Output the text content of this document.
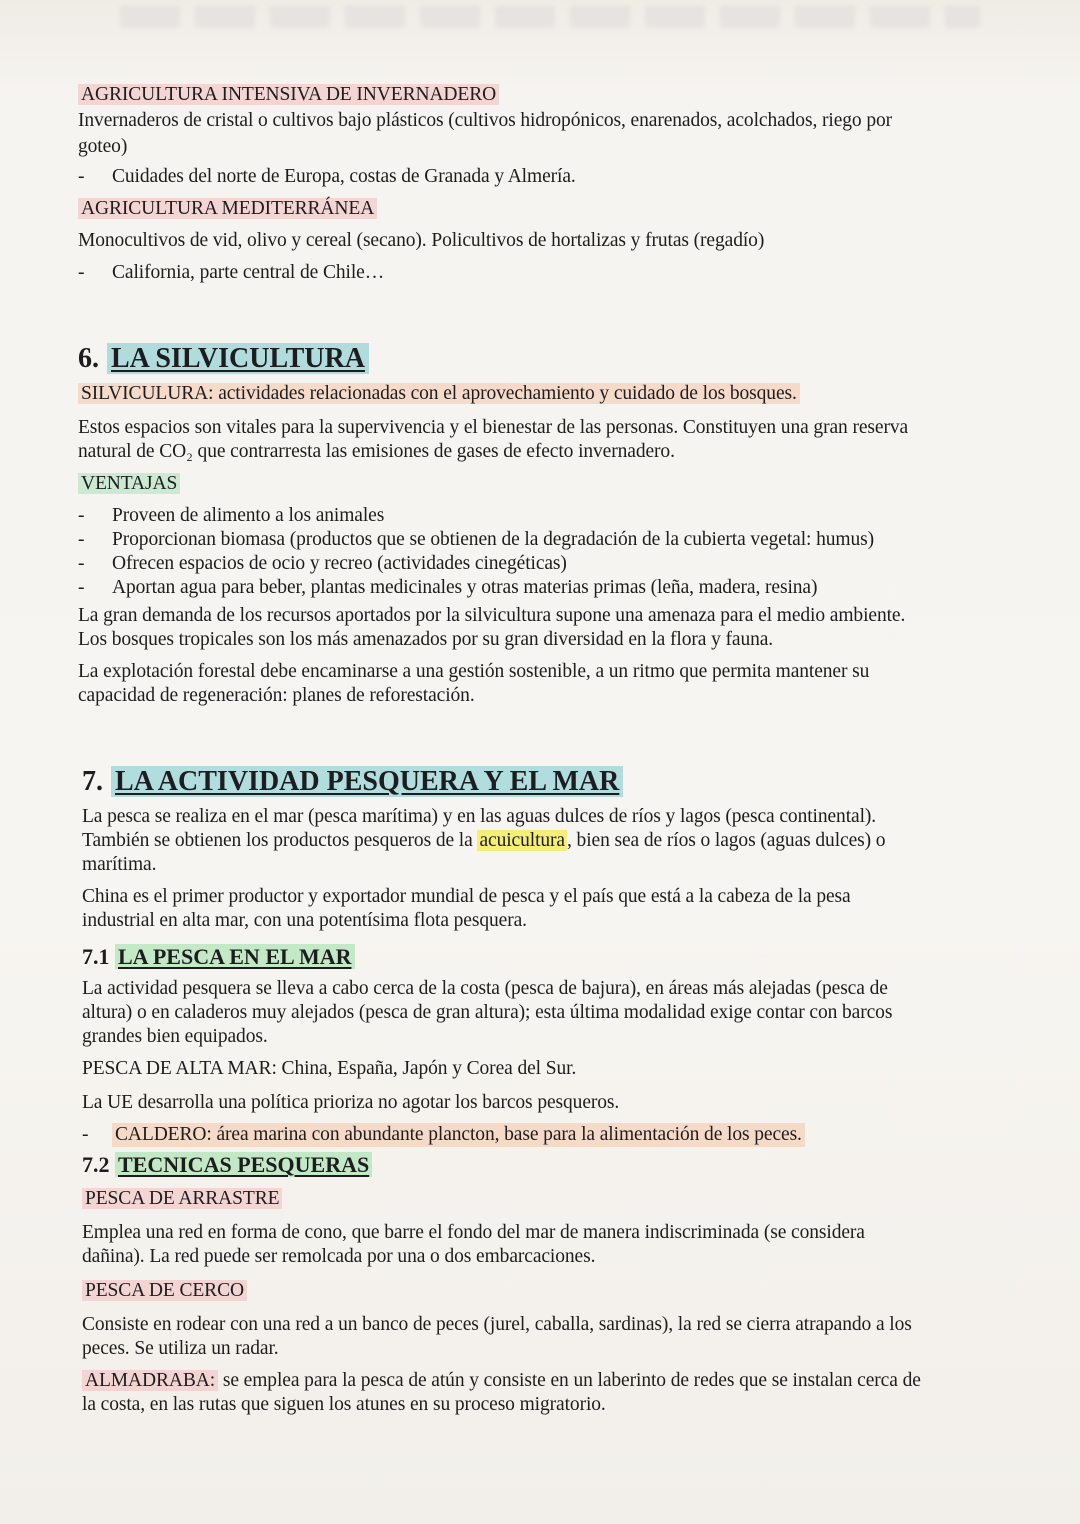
AGRICULTURA INTENSIVA DE INVERNADERO
Invernaderos de cristal o cultivos bajo plásticos (cultivos hidropónicos, enarenados, acolchados, riego por
goteo)
-	Cuidades del norte de Europa, costas de Granada y Almería.
AGRICULTURA MEDITERRÁNEA
Monocultivos de vid, olivo y cereal (secano). Policultivos de hortalizas y frutas (regadío)
-	California, parte central de Chile…
6. LA SILVICULTURA
SILVICULURA: actividades relacionadas con el aprovechamiento y cuidado de los bosques.
Estos espacios son vitales para la supervivencia y el bienestar de las personas. Constituyen una gran reserva
natural de CO₂ que contrarresta las emisiones de gases de efecto invernadero.
VENTAJAS
-	Proveen de alimento a los animales
-	Proporcionan biomasa (productos que se obtienen de la degradación de la cubierta vegetal: humus)
-	Ofrecen espacios de ocio y recreo (actividades cinegéticas)
-	Aportan agua para beber, plantas medicinales y otras materias primas (leña, madera, resina)
La gran demanda de los recursos aportados por la silvicultura supone una amenaza para el medio ambiente.
Los bosques tropicales son los más amenazados por su gran diversidad en la flora y fauna.
La explotación forestal debe encaminarse a una gestión sostenible, a un ritmo que permita mantener su
capacidad de regeneración: planes de reforestación.
7. LA ACTIVIDAD PESQUERA Y EL MAR
La pesca se realiza en el mar (pesca marítima) y en las aguas dulces de ríos y lagos (pesca continental).
También se obtienen los productos pesqueros de la acuicultura , bien sea de ríos o lagos (aguas dulces) o
marítima.
China es el primer productor y exportador mundial de pesca y el país que está a la cabeza de la pesa
industrial en alta mar, con una potentísima flota pesquera.
7.1 LA PESCA EN EL MAR
La actividad pesquera se lleva a cabo cerca de la costa (pesca de bajura), en áreas más alejadas (pesca de
altura) o en caladeros muy alejados (pesca de gran altura); esta última modalidad exige contar con barcos
grandes bien equipados.
PESCA DE ALTA MAR: China, España, Japón y Corea del Sur.
La UE desarrolla una política prioriza no agotar los barcos pesqueros.
-	CALDERO: área marina con abundante plancton, base para la alimentación de los peces.
7.2 TECNICAS PESQUERAS
PESCA DE ARRASTRE
Emplea una red en forma de cono, que barre el fondo del mar de manera indiscriminada (se considera
dañina). La red puede ser remolcada por una o dos embarcaciones.
PESCA DE CERCO
Consiste en rodear con una red a un banco de peces (jurel, caballa, sardinas), la red se cierra atrapando a los
peces. Se utiliza un radar.
ALMADRABA: se emplea para la pesca de atún y consiste en un laberinto de redes que se instalan cerca de
la costa, en las rutas que siguen los atunes en su proceso migratorio.
